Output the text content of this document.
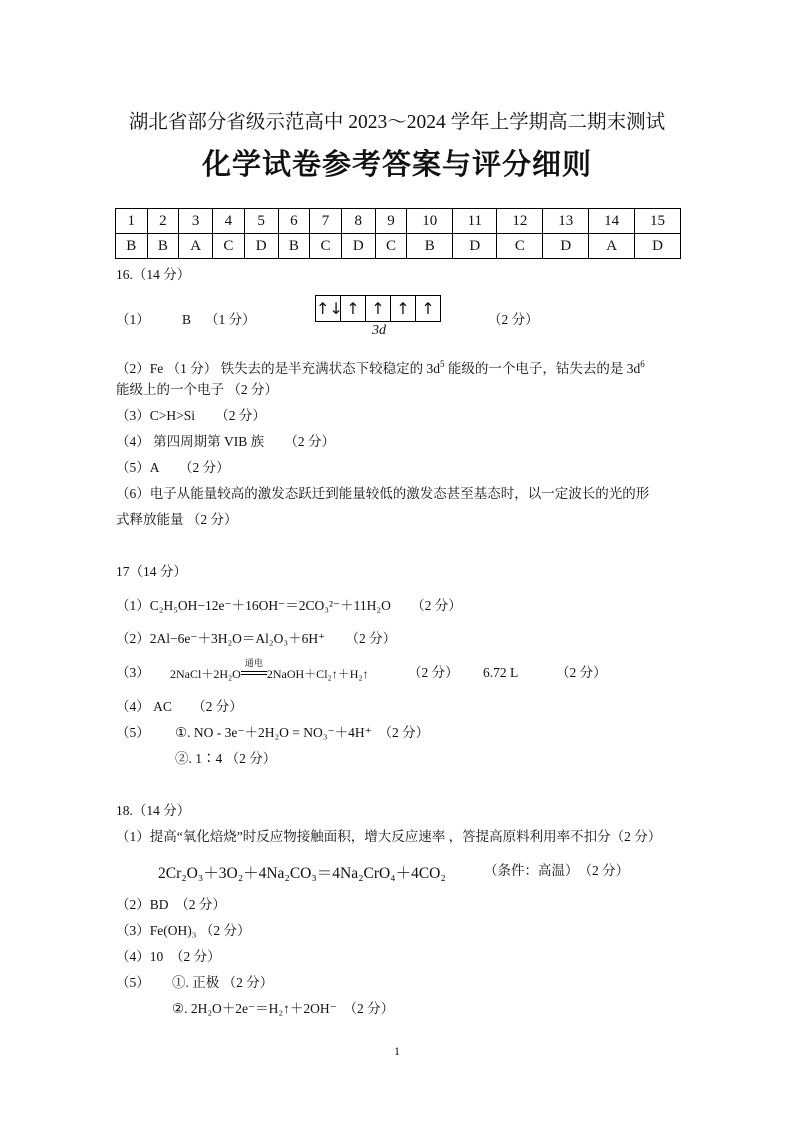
湖北省部分省级示范高中 2023～2024 学年上学期高二期末测试
化学试卷参考答案与评分细则
1	2	3	4	5	6	7	8	9	10	11	12	13	14	15
B	B	A	C	D	B	C	D	C	B	D	C	D	A	D
16.（14 分）
（1） B （1 分）
↑↓ ↑ ↑ ↑ ↑
3d
（2 分）
（2）Fe （1 分） 铁失去的是半充满状态下较稳定的 $3d^5$ 能级的一个电子，钴失去的是 $3d^6$
能级上的一个电子 （2 分）
（3）C>H>Si　　（2 分）
（4） 第四周期第 VIB 族　　（2 分）
（5）A　　（2 分）
（6）电子从能量较高的激发态跃迁到能量较低的激发态甚至基态时，以一定波长的光的形
式释放能量 （2 分）
17（14 分）
（1）C₂H₅OH−12e⁻＋16OH⁻＝2CO₃²⁻＋11H₂O　　（2 分）
（2）2Al−6e⁻＋3H₂O＝Al₂O₃＋6H⁺　　（2 分）
（3） 2NaCl＋2H₂O
通电
2NaOH＋Cl₂↑＋H₂↑	（2 分） 6.72 L	（2 分）
（4） AC　　（2 分）
（5） ①. NO - 3e⁻＋2H₂O = NO₃⁻＋4H⁺　（2 分）
②. 1∶4 （2 分）
18.（14 分）
（1）提高“氧化焙烧”时反应物接触面积，增大反应速率 ，答提高原料利用率不扣分（2 分）
2Cr₂O₃＋3O₂＋4Na₂CO₃＝4Na₂CrO₄＋4CO₂	（条件：高温）　（2 分）
（2）BD　（2 分）
（3）Fe(OH)₃ （2 分）
（4）10　（2 分）
（5） ①. 正极 （2 分）
②. 2H₂O＋2e⁻＝H₂↑＋2OH⁻　（2 分）
1
